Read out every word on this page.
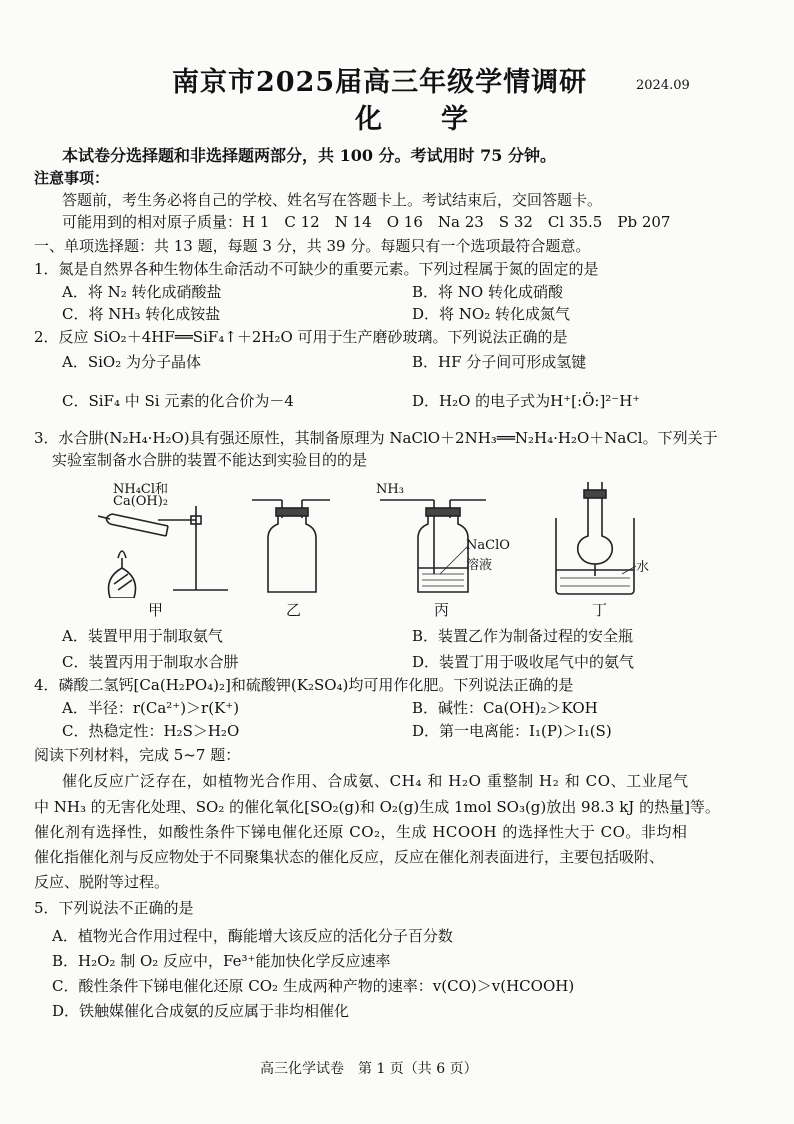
南京市2025届高三年级学情调研	2024.09
化　学
本试卷分选择题和非选择题两部分，共 100 分。考试用时 75 分钟。
注意事项：
答题前，考生务必将自己的学校、姓名写在答题卡上。考试结束后，交回答题卡。
可能用到的相对原子质量：H 1　C 12　N 14　O 16　Na 23　S 32　Cl 35.5　Pb 207
一、单项选择题：共 13 题，每题 3 分，共 39 分。每题只有一个选项最符合题意。
1．氮是自然界各种生物体生命活动不可缺少的重要元素。下列过程属于氮的固定的是
A．将 N₂ 转化成硝酸盐	B．将 NO 转化成硝酸
C．将 NH₃ 转化成铵盐	D．将 NO₂ 转化成氮气
2．反应 SiO₂＋4HF══SiF₄↑＋2H₂O 可用于生产磨砂玻璃。下列说法正确的是
A．SiO₂ 为分子晶体	B．HF 分子间可形成氢键
C．SiF₄ 中 Si 元素的化合价为－4	D．H₂O 的电子式为H⁺[:Ö:]²⁻H⁺
3．水合肼(N₂H₄·H₂O)具有强还原性，其制备原理为 NaClO＋2NH₃══N₂H₄·H₂O＋NaCl。下列关于
实验室制备水合肼的装置不能达到实验目的的是
NH₄Cl和
Ca(OH)₂
NH₃
NaClO
溶液	水
甲	乙	丙	丁
A．装置甲用于制取氨气	B．装置乙作为制备过程的安全瓶
C．装置丙用于制取水合肼	D．装置丁用于吸收尾气中的氨气
4．磷酸二氢钙[Ca(H₂PO₄)₂]和硫酸钾(K₂SO₄)均可用作化肥。下列说法正确的是
A．半径：r(Ca²⁺)＞r(K⁺)	B．碱性：Ca(OH)₂＞KOH
C．热稳定性：H₂S＞H₂O	D．第一电离能：I₁(P)＞I₁(S)
阅读下列材料，完成 5~7 题：
催化反应广泛存在，如植物光合作用、合成氨、CH₄ 和 H₂O 重整制 H₂ 和 CO、工业尾气
中 NH₃ 的无害化处理、SO₂ 的催化氧化[SO₂(g)和 O₂(g)生成 1mol SO₃(g)放出 98.3 kJ 的热量]等。
催化剂有选择性，如酸性条件下锑电催化还原 CO₂，生成 HCOOH 的选择性大于 CO。非均相
催化指催化剂与反应物处于不同聚集状态的催化反应，反应在催化剂表面进行，主要包括吸附、
反应、脱附等过程。
5．下列说法不正确的是
A．植物光合作用过程中，酶能增大该反应的活化分子百分数
B．H₂O₂ 制 O₂ 反应中，Fe³⁺能加快化学反应速率
C．酸性条件下锑电催化还原 CO₂ 生成两种产物的速率：v(CO)＞v(HCOOH)
D．铁触媒催化合成氨的反应属于非均相催化
高三化学试卷　第 1 页（共 6 页）
